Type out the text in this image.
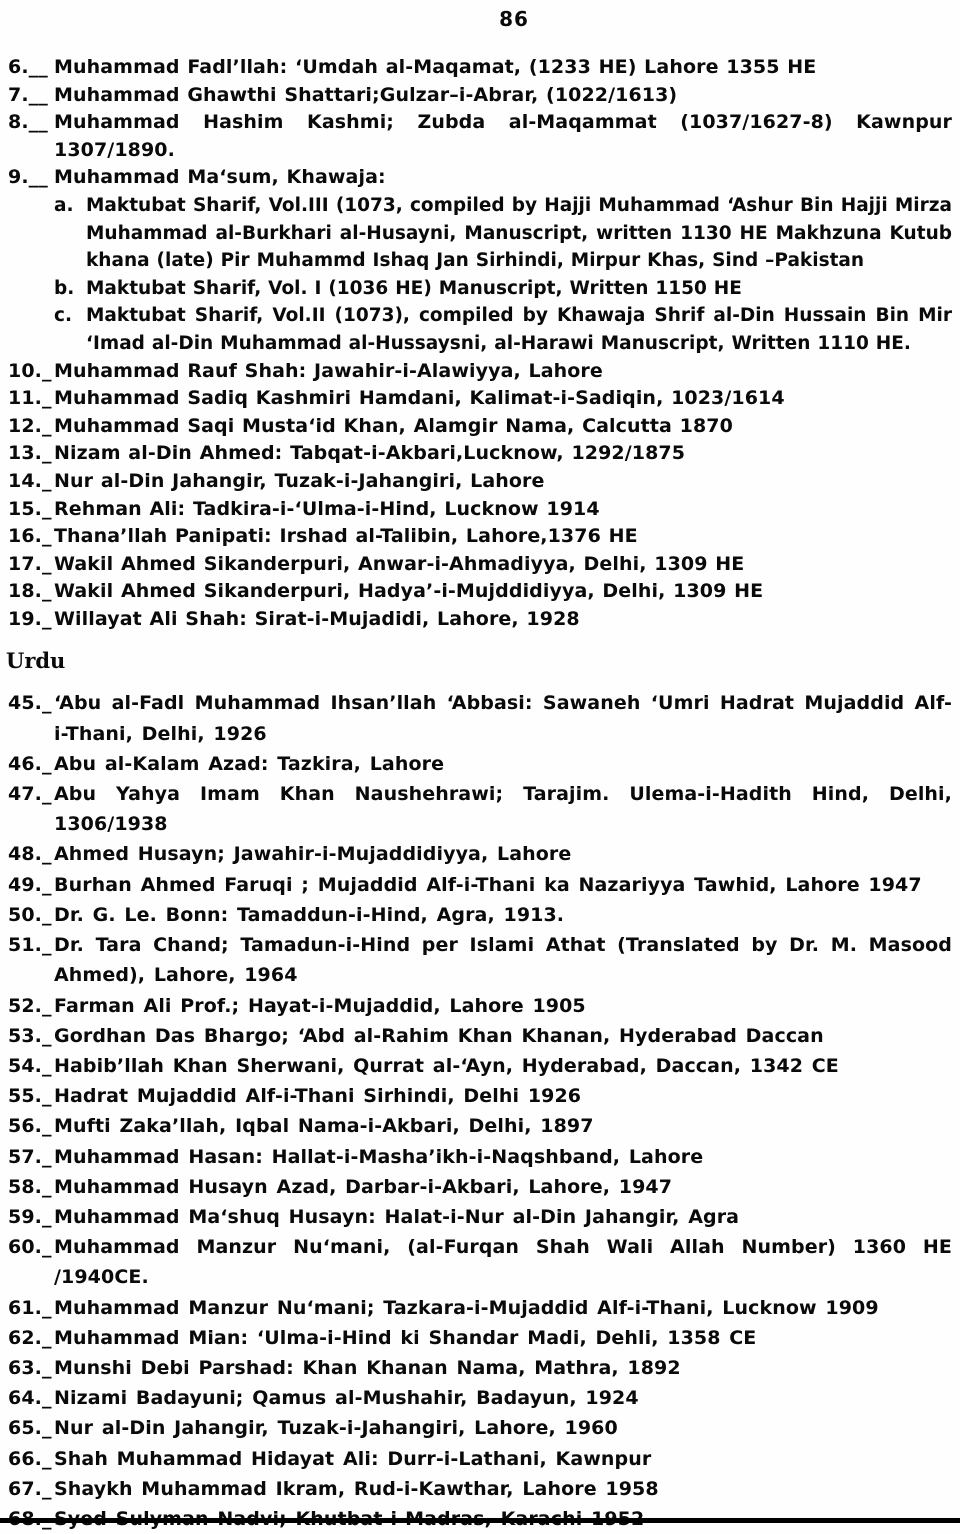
86

6.__ Muhammad Fadl’llah: ‘Umdah al-Maqamat, (1233 HE) Lahore 1355 HE

7.__ Muhammad Ghawthi Shattari;Gulzar–i-Abrar, (1022/1613)

8.__ Muhammad Hashim Kashmi; Zubda al-Maqammat (1037/1627-8) Kawnpur 1307/1890.

9.__ Muhammad Ma‘sum, Khawaja:

a. Maktubat Sharif, Vol.III (1073, compiled by Hajji Muhammad ‘Ashur Bin Hajji Mirza Muhammad al-Burkhari al-Husayni, Manuscript, written 1130 HE Makhzuna Kutub khana (late) Pir Muhammd Ishaq Jan Sirhindi, Mirpur Khas, Sind –Pakistan

b. Maktubat Sharif, Vol. I (1036 HE) Manuscript, Written 1150 HE

c. Maktubat Sharif, Vol.II (1073), compiled by Khawaja Shrif al-Din Hussain Bin Mir ‘Imad al-Din Muhammad al-Hussaysni, al-Harawi Manuscript, Written 1110 HE.

10._ Muhammad Rauf Shah: Jawahir-i-Alawiyya, Lahore

11._ Muhammad Sadiq Kashmiri Hamdani, Kalimat-i-Sadiqin, 1023/1614

12._ Muhammad Saqi Musta‘id Khan, Alamgir Nama, Calcutta 1870

13._ Nizam al-Din Ahmed: Tabqat-i-Akbari,Lucknow, 1292/1875

14._ Nur al-Din Jahangir, Tuzak-i-Jahangiri, Lahore

15._ Rehman Ali: Tadkira-i-‘Ulma-i-Hind, Lucknow 1914

16._ Thana’llah Panipati: Irshad al-Talibin, Lahore,1376 HE

17._ Wakil Ahmed Sikanderpuri, Anwar-i-Ahmadiyya, Delhi, 1309 HE

18._ Wakil Ahmed Sikanderpuri, Hadya’-i-Mujddidiyya, Delhi, 1309 HE

19._ Willayat Ali Shah: Sirat-i-Mujadidi, Lahore, 1928

Urdu

45._ ‘Abu al-Fadl Muhammad Ihsan’llah ‘Abbasi: Sawaneh ‘Umri Hadrat Mujaddid Alf-i-Thani, Delhi, 1926

46._ Abu al-Kalam Azad: Tazkira, Lahore

47._ Abu Yahya Imam Khan Naushehrawi; Tarajim. Ulema-i-Hadith Hind, Delhi, 1306/1938

48._ Ahmed Husayn; Jawahir-i-Mujaddidiyya, Lahore

49._ Burhan Ahmed Faruqi ; Mujaddid Alf-i-Thani ka Nazariyya Tawhid, Lahore 1947

50._ Dr. G. Le. Bonn: Tamaddun-i-Hind, Agra, 1913.

51._ Dr. Tara Chand; Tamadun-i-Hind per Islami Athat (Translated by Dr. M. Masood Ahmed), Lahore, 1964

52._ Farman Ali Prof.; Hayat-i-Mujaddid, Lahore 1905

53._ Gordhan Das Bhargo; ‘Abd al-Rahim Khan Khanan, Hyderabad Daccan

54._ Habib’llah Khan Sherwani, Qurrat al-‘Ayn, Hyderabad, Daccan, 1342 CE

55._ Hadrat Mujaddid Alf-i-Thani Sirhindi, Delhi 1926

56._ Mufti Zaka’llah, Iqbal Nama-i-Akbari, Delhi, 1897

57._ Muhammad Hasan: Hallat-i-Masha’ikh-i-Naqshband, Lahore

58._ Muhammad Husayn Azad, Darbar-i-Akbari, Lahore, 1947

59._ Muhammad Ma‘shuq Husayn: Halat-i-Nur al-Din Jahangir, Agra

60._ Muhammad Manzur Nu‘mani, (al-Furqan Shah Wali Allah Number) 1360 HE /1940CE.

61._ Muhammad Manzur Nu‘mani; Tazkara-i-Mujaddid Alf-i-Thani, Lucknow 1909

62._ Muhammad Mian: ‘Ulma-i-Hind ki Shandar Madi, Dehli, 1358 CE

63._ Munshi Debi Parshad: Khan Khanan Nama, Mathra, 1892

64._ Nizami Badayuni; Qamus al-Mushahir, Badayun, 1924

65._ Nur al-Din Jahangir, Tuzak-i-Jahangiri, Lahore, 1960

66._ Shah Muhammad Hidayat Ali: Durr-i-Lathani, Kawnpur

67._ Shaykh Muhammad Ikram, Rud-i-Kawthar, Lahore 1958
